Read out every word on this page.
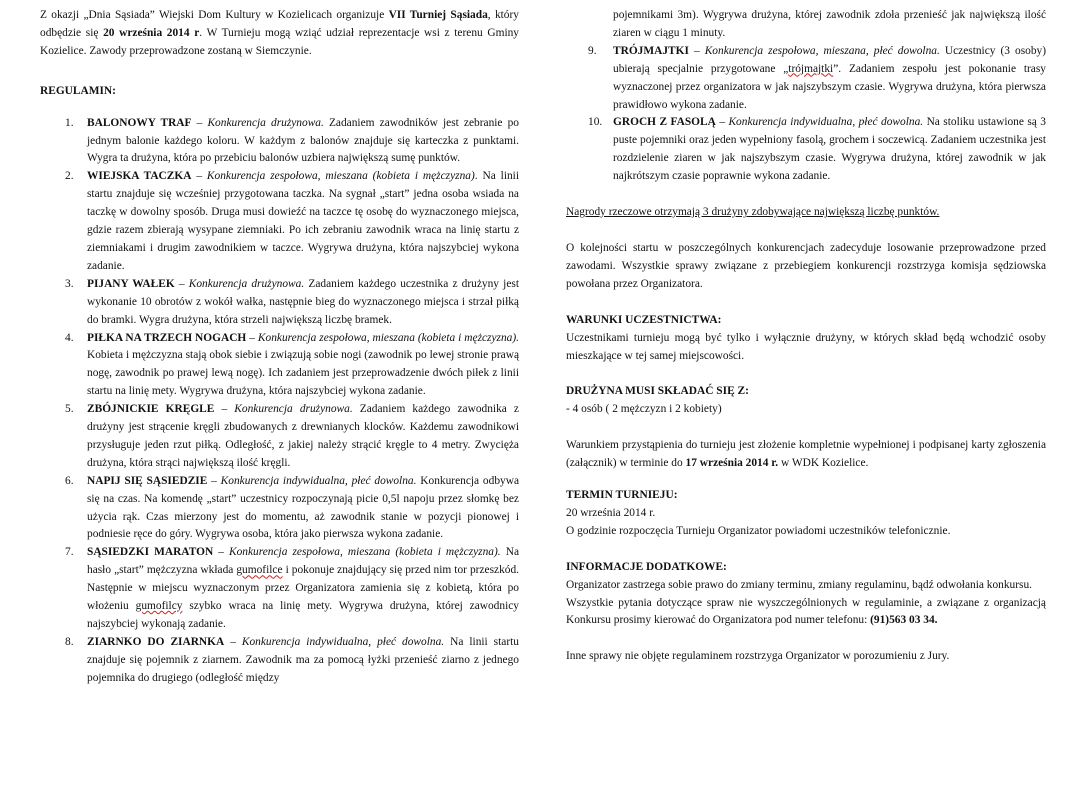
Z okazji „Dnia Sąsiada” Wiejski Dom Kultury w Kozielicach organizuje VII Turniej Sąsiada, który odbędzie się 20 września 2014 r. W Turnieju mogą wziąć udział reprezentacje wsi z terenu Gminy Kozielice. Zawody przeprowadzone zostaną w Siemczynie.

REGULAMIN:
1. BALONOWY TRAF – Konkurencja drużynowa. Zadaniem zawodników jest zebranie po jednym balonie każdego koloru. W każdym z balonów znajduje się karteczka z punktami. Wygra ta drużyna, która po przebiciu balonów uzbiera największą sumę punktów.
2. WIEJSKA TACZKA – Konkurencja zespołowa, mieszana (kobieta i mężczyzna). Na linii startu znajduje się wcześniej przygotowana taczka. Na sygnał „start” jedna osoba wsiada na taczkę w dowolny sposób. Druga musi dowieźć na taczce tę osobę do wyznaczonego miejsca, gdzie razem zbierają wysypane ziemniaki. Po ich zebraniu zawodnik wraca na linię startu z ziemniakami i drugim zawodnikiem w taczce. Wygrywa drużyna, która najszybciej wykona zadanie.
3. PIJANY WAŁEK – Konkurencja drużynowa. Zadaniem każdego uczestnika z drużyny jest wykonanie 10 obrotów z wokół wałka, następnie bieg do wyznaczonego miejsca i strzał piłką do bramki. Wygra drużyna, która strzeli największą liczbę bramek.
4. PIŁKA NA TRZECH NOGACH – Konkurencja zespołowa, mieszana (kobieta i mężczyzna). Kobieta i mężczyzna stają obok siebie i związują sobie nogi (zawodnik po lewej stronie prawą nogę, zawodnik po prawej lewą nogę). Ich zadaniem jest przeprowadzenie dwóch piłek z linii startu na linię mety. Wygrywa drużyna, która najszybciej wykona zadanie.
5. ZBÓJNICKIE KRĘGLE – Konkurencja drużynowa. Zadaniem każdego zawodnika z drużyny jest strącenie kręgli zbudowanych z drewnianych klocków. Każdemu zawodnikowi przysługuje jeden rzut piłką. Odległość, z jakiej należy strącić kręgle to 4 metry. Zwycięża drużyna, która strąci największą ilość kręgli.
6. NAPIJ SIĘ SĄSIEDZIE – Konkurencja indywidualna, płeć dowolna. Konkurencja odbywa się na czas. Na komendę „start” uczestnicy rozpoczynają picie 0,5l napoju przez słomkę bez użycia rąk. Czas mierzony jest do momentu, aż zawodnik stanie w pozycji pionowej i podniesie ręce do góry. Wygrywa osoba, która jako pierwsza wykona zadanie.
7. SĄSIEDZKI MARATON – Konkurencja zespołowa, mieszana (kobieta i mężczyzna). Na hasło „start” mężczyzna wkłada gumofilce i pokonuje znajdujący się przed nim tor przeszkód. Następnie w miejscu wyznaczonym przez Organizatora zamienia się z kobietą, która po włożeniu gumofilcy szybko wraca na linię mety. Wygrywa drużyna, której zawodnicy najszybciej wykonają zadanie.
8. ZIARNKO DO ZIARNKA – Konkurencja indywidualna, płeć dowolna. Na linii startu znajduje się pojemnik z ziarnem. Zawodnik ma za pomocą łyżki przenieść ziarno z jednego pojemnika do drugiego (odległość między
pojemnikami 3m). Wygrywa drużyna, której zawodnik zdoła przenieść jak największą ilość ziaren w ciągu 1 minuty.
9. TRÓJMAJTKI – Konkurencja zespołowa, mieszana, płeć dowolna. Uczestnicy (3 osoby) ubierają specjalnie przygotowane „trójmajtki”. Zadaniem zespołu jest pokonanie trasy wyznaczonej przez organizatora w jak najszybszym czasie. Wygrywa drużyna, która pierwsza prawidłowo wykona zadanie.
10. GROCH Z FASOLĄ – Konkurencja indywidualna, płeć dowolna. Na stoliku ustawione są 3 puste pojemniki oraz jeden wypełniony fasolą, grochem i soczewicą. Zadaniem uczestnika jest rozdzielenie ziaren w jak najszybszym czasie. Wygrywa drużyna, której zawodnik w jak najkrótszym czasie poprawnie wykona zadanie.

Nagrody rzeczowe otrzymają 3 drużyny zdobywające największą liczbę punktów.

O kolejności startu w poszczególnych konkurencjach zadecyduje losowanie przeprowadzone przed zawodami. Wszystkie sprawy związane z przebiegiem konkurencji rozstrzyga komisja sędziowska powołana przez Organizatora.

WARUNKI UCZESTNICTWA:

Uczestnikami turnieju mogą być tylko i wyłącznie drużyny, w których skład będą wchodzić osoby mieszkające w tej samej miejscowości.

DRUŻYNA MUSI SKŁADAĆ SIĘ Z:

- 4 osób ( 2 mężczyzn i 2 kobiety)

Warunkiem przystąpienia do turnieju jest złożenie kompletnie wypełnionej i podpisanej karty zgłoszenia (załącznik) w terminie do 17 września 2014 r. w WDK Kozielice.

TERMIN TURNIEJU:

20 września 2014 r.

O godzinie rozpoczęcia Turnieju Organizator powiadomi uczestników telefonicznie.

INFORMACJE DODATKOWE:

Organizator zastrzega sobie prawo do zmiany terminu, zmiany regulaminu, bądź odwołania konkursu.

Wszystkie pytania dotyczące spraw nie wyszczególnionych w regulaminie, a związane z organizacją Konkursu prosimy kierować do Organizatora pod numer telefonu: (91)563 03 34.

Inne sprawy nie objęte regulaminem rozstrzyga Organizator w porozumieniu z Jury.
